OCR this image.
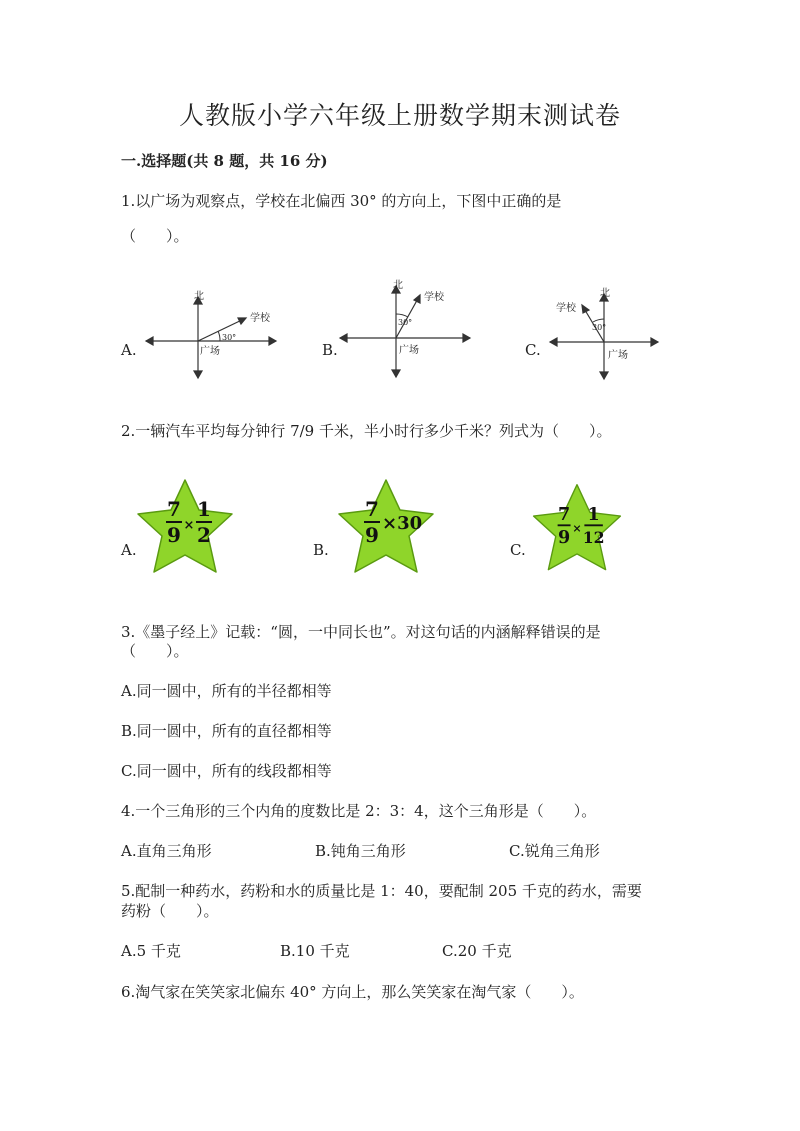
人教版小学六年级上册数学期末测试卷
一.选择题(共 8 题，共 16 分)
1.以广场为观察点，学校在北偏西 30° 的方向上，下图中正确的是
（　　）。
A.
北
学校
30°
广场	B.
北
学校
30°
广场	C.
北
学校
30°
广场
2.一辆汽车平均每分钟行 7/9 千米，半小时行多少千米？列式为（　　）。
A.
7
9 ×
1
2
B.
7
9 ×30
C.
7
9 ×
1
12
3.《墨子经上》记载：“圆，一中同长也”。对这句话的内涵解释错误的是
（　　）。
A.同一圆中，所有的半径都相等
B.同一圆中，所有的直径都相等
C.同一圆中，所有的线段都相等
4.一个三角形的三个内角的度数比是 2：3：4，这个三角形是（　　）。
A.直角三角形	B.钝角三角形	C.锐角三角形
5.配制一种药水，药粉和水的质量比是 1：40，要配制 205 千克的药水，需要
药粉（　　）。
A.5 千克	B.10 千克	C.20 千克
6.淘气家在笑笑家北偏东 40° 方向上，那么笑笑家在淘气家（　　）。
